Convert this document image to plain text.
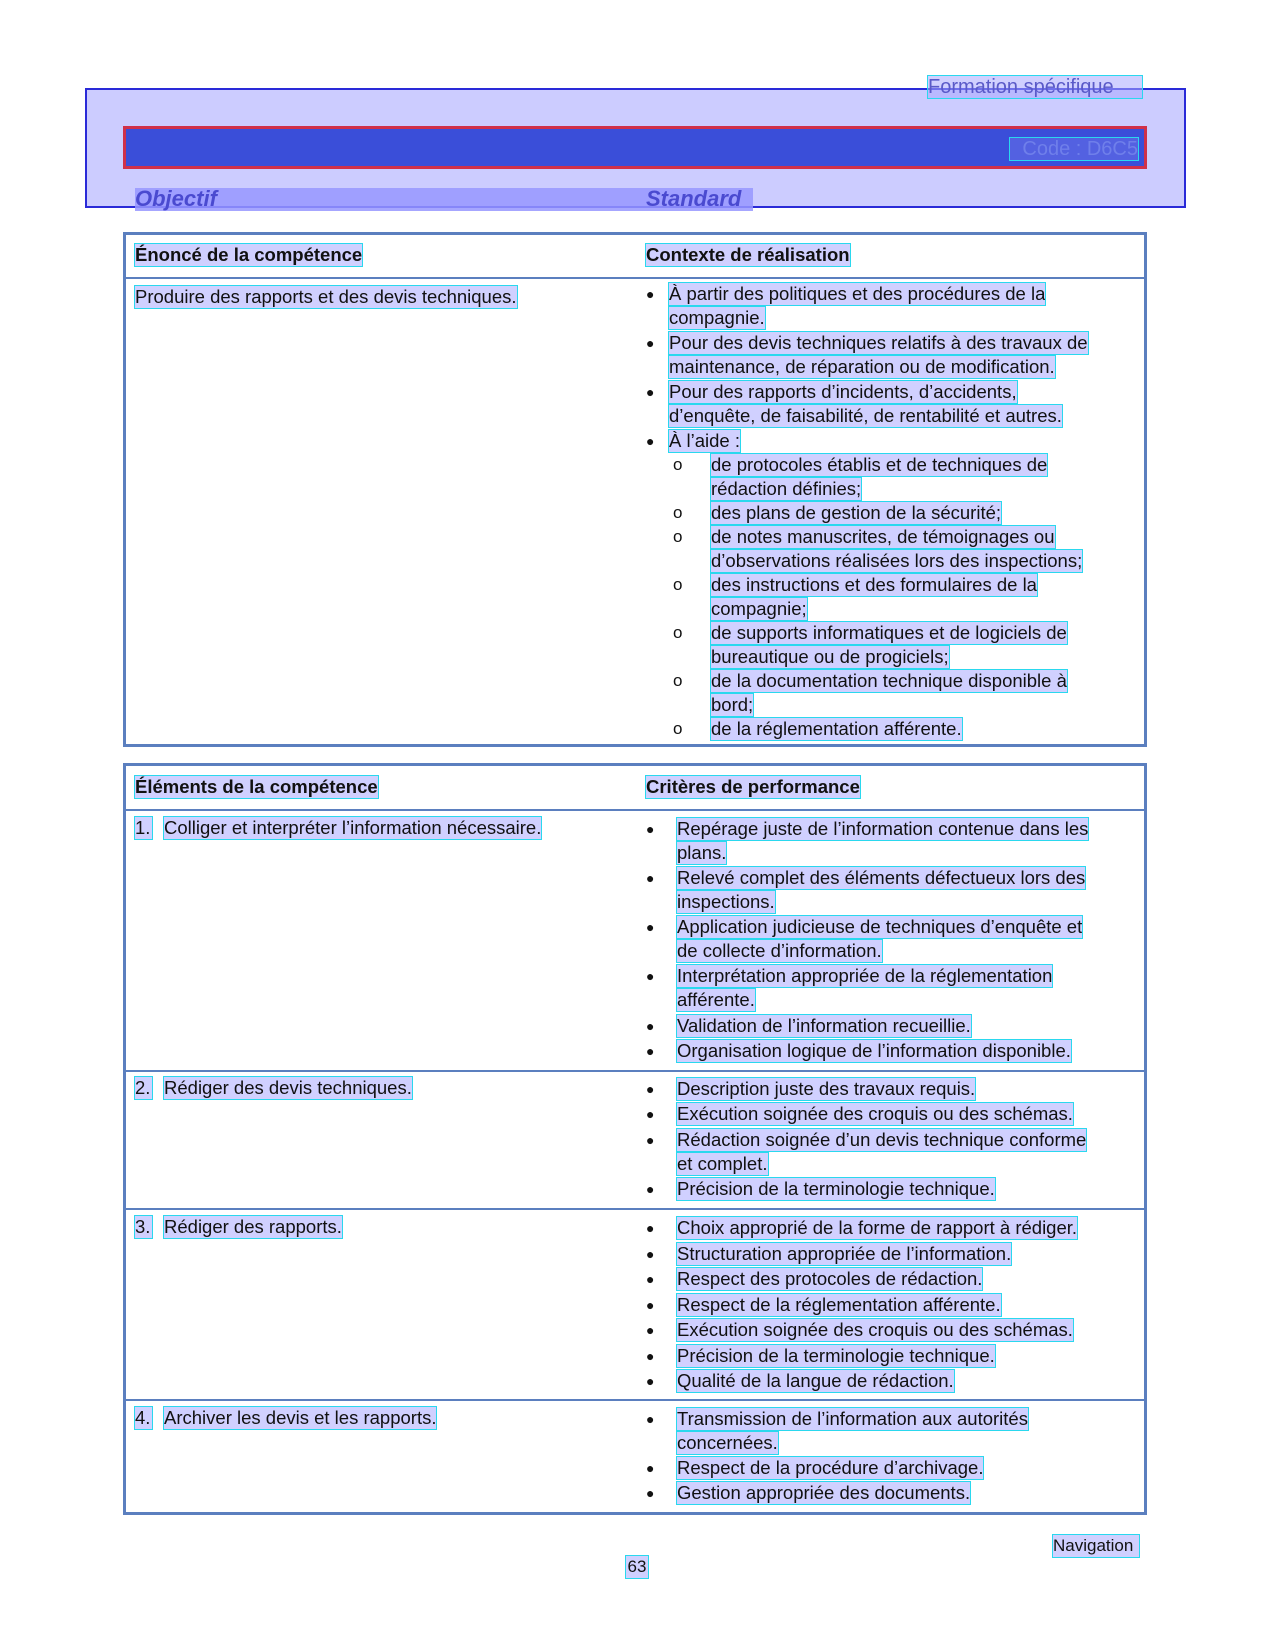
Formation spécifique
Code : D6C5
Objectif	Standard
Énoncé de la compétence	Contexte de réalisation
Produire des rapports et des devis techniques.	● À partir des politiques et des procédures de la
compagnie.
● Pour des devis techniques relatifs à des travaux de
maintenance, de réparation ou de modification.
● Pour des rapports d’incidents, d’accidents,
d’enquête, de faisabilité, de rentabilité et autres.
● À l’aide :
o de protocoles établis et de techniques de
rédaction définies;
o des plans de gestion de la sécurité;
o de notes manuscrites, de témoignages ou
d’observations réalisées lors des inspections;
o des instructions et des formulaires de la
compagnie;
o de supports informatiques et de logiciels de
bureautique ou de progiciels;
o de la documentation technique disponible à
bord;
o de la réglementation afférente.
Éléments de la compétence	Critères de performance
1. Colliger et interpréter l’information nécessaire.	● Repérage juste de l’information contenue dans les
plans.
● Relevé complet des éléments défectueux lors des
inspections.
● Application judicieuse de techniques d’enquête et
de collecte d’information.
● Interprétation appropriée de la réglementation
afférente.
● Validation de l’information recueillie.
● Organisation logique de l’information disponible.
2. Rédiger des devis techniques.	● Description juste des travaux requis.
● Exécution soignée des croquis ou des schémas.
● Rédaction soignée d’un devis technique conforme
et complet.
● Précision de la terminologie technique.
3. Rédiger des rapports.	● Choix approprié de la forme de rapport à rédiger.
● Structuration appropriée de l’information.
● Respect des protocoles de rédaction.
● Respect de la réglementation afférente.
● Exécution soignée des croquis ou des schémas.
● Précision de la terminologie technique.
● Qualité de la langue de rédaction.
4. Archiver les devis et les rapports.	● Transmission de l’information aux autorités
concernées.
● Respect de la procédure d’archivage.
● Gestion appropriée des documents.
Navigation
63
